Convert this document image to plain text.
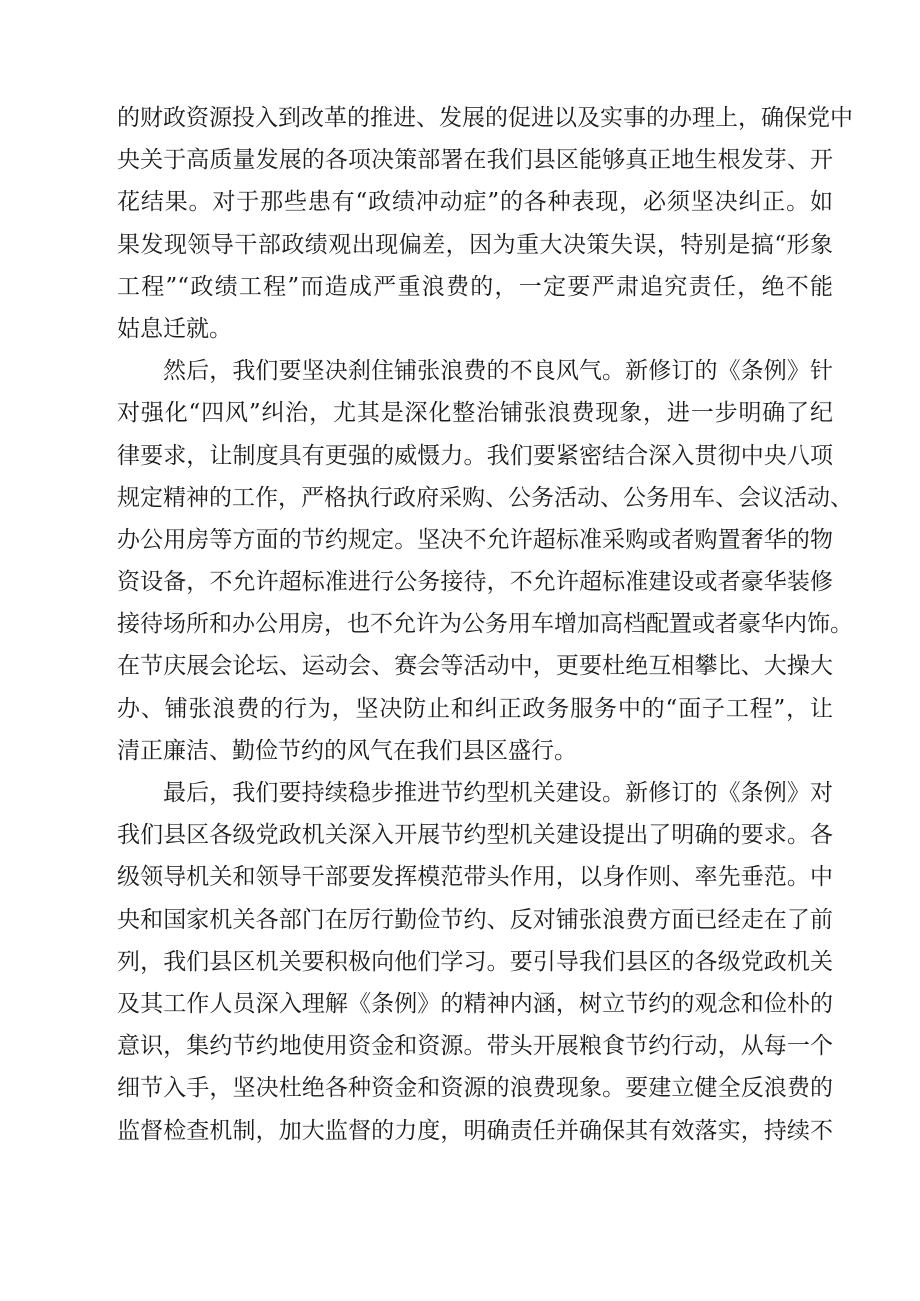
的财政资源投入到改革的推进、发展的促进以及实事的办理上，确保党中
央关于高质量发展的各项决策部署在我们县区能够真正地生根发芽、开
花结果。对于那些患有“政绩冲动症”的各种表现，必须坚决纠正。如
果发现领导干部政绩观出现偏差，因为重大决策失误，特别是搞“形象
工程”“政绩工程”而造成严重浪费的，一定要严肃追究责任，绝不能
姑息迁就。
然后，我们要坚决刹住铺张浪费的不良风气。新修订的《条例》针
对强化“四风”纠治，尤其是深化整治铺张浪费现象，进一步明确了纪
律要求，让制度具有更强的威慑力。我们要紧密结合深入贯彻中央八项
规定精神的工作，严格执行政府采购、公务活动、公务用车、会议活动、
办公用房等方面的节约规定。坚决不允许超标准采购或者购置奢华的物
资设备，不允许超标准进行公务接待，不允许超标准建设或者豪华装修
接待场所和办公用房，也不允许为公务用车增加高档配置或者豪华内饰。
在节庆展会论坛、运动会、赛会等活动中，更要杜绝互相攀比、大操大
办、铺张浪费的行为，坚决防止和纠正政务服务中的“面子工程”，让
清正廉洁、勤俭节约的风气在我们县区盛行。
最后，我们要持续稳步推进节约型机关建设。新修订的《条例》对
我们县区各级党政机关深入开展节约型机关建设提出了明确的要求。各
级领导机关和领导干部要发挥模范带头作用，以身作则、率先垂范。中
央和国家机关各部门在厉行勤俭节约、反对铺张浪费方面已经走在了前
列，我们县区机关要积极向他们学习。要引导我们县区的各级党政机关
及其工作人员深入理解《条例》的精神内涵，树立节约的观念和俭朴的
意识，集约节约地使用资金和资源。带头开展粮食节约行动，从每一个
细节入手，坚决杜绝各种资金和资源的浪费现象。要建立健全反浪费的
监督检查机制，加大监督的力度，明确责任并确保其有效落实，持续不
